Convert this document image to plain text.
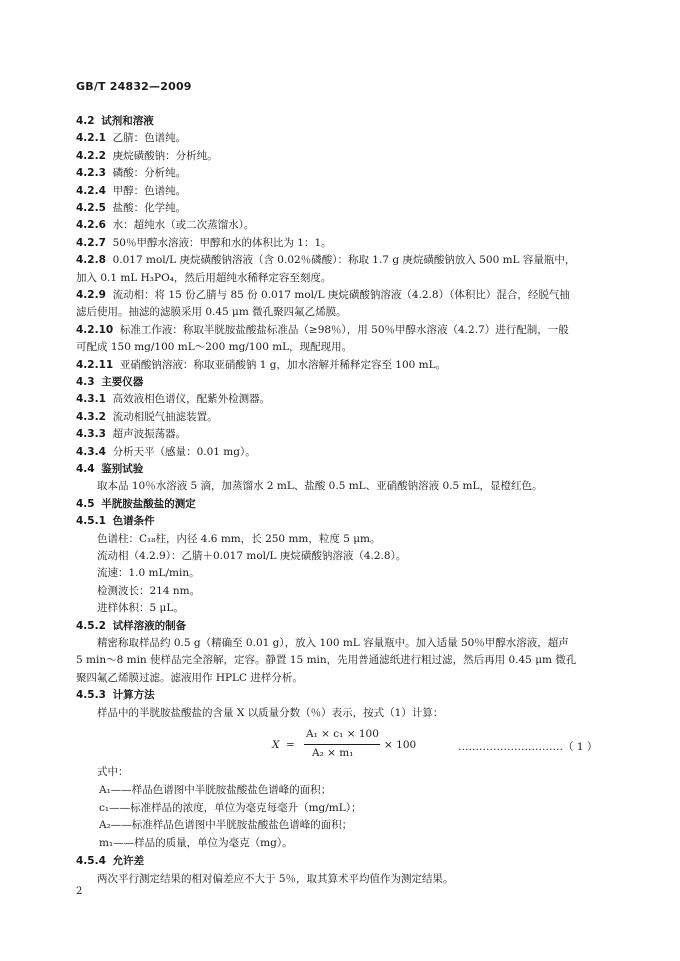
GB/T 24832—2009
4.2 试剂和溶液
4.2.1 乙腈：色谱纯。
4.2.2 庚烷磺酸钠：分析纯。
4.2.3 磷酸：分析纯。
4.2.4 甲醇：色谱纯。
4.2.5 盐酸：化学纯。
4.2.6 水：超纯水（或二次蒸馏水）。
4.2.7 50％甲醇水溶液：甲醇和水的体积比为 1：1。
4.2.8 0.017 mol/L 庚烷磺酸钠溶液（含 0.02％磷酸）：称取 1.7 g 庚烷磺酸钠放入 500 mL 容量瓶中，
加入 0.1 mL H₃PO₄，然后用超纯水稀释定容至刻度。
4.2.9 流动相：将 15 份乙腈与 85 份 0.017 mol/L 庚烷磺酸钠溶液（4.2.8）（体积比）混合，经脱气抽
滤后使用。抽滤的滤膜采用 0.45 μm 微孔聚四氟乙烯膜。
4.2.10 标准工作液：称取半胱胺盐酸盐标准品（≥98％），用 50％甲醇水溶液（4.2.7）进行配制，一般
可配成 150 mg/100 mL～200 mg/100 mL，现配现用。
4.2.11 亚硝酸钠溶液：称取亚硝酸钠 1 g，加水溶解并稀释定容至 100 mL。
4.3 主要仪器
4.3.1 高效液相色谱仪，配紫外检测器。
4.3.2 流动相脱气抽滤装置。
4.3.3 超声波振荡器。
4.3.4 分析天平（感量：0.01 mg）。
4.4 鉴别试验
取本品 10％水溶液 5 滴，加蒸馏水 2 mL、盐酸 0.5 mL、亚硝酸钠溶液 0.5 mL，显橙红色。
4.5 半胱胺盐酸盐的测定
4.5.1 色谱条件
色谱柱：C₁₈柱，内径 4.6 mm，长 250 mm，粒度 5 μm。
流动相（4.2.9）：乙腈＋0.017 mol/L 庚烷磺酸钠溶液（4.2.8）。
流速：1.0 mL/min。
检测波长：214 nm。
进样体积：5 μL。
4.5.2 试样溶液的制备
精密称取样品约 0.5 g（精确至 0.01 g），放入 100 mL 容量瓶中。加入适量 50％甲醇水溶液，超声
5 min～8 min 使样品完全溶解，定容。静置 15 min，先用普通滤纸进行粗过滤，然后再用 0.45 μm 微孔
聚四氟乙烯膜过滤。滤液用作 HPLC 进样分析。
4.5.3 计算方法
样品中的半胱胺盐酸盐的含量 X 以质量分数（％）表示，按式（1）计算：
X =
A₁ × c₁ × 100
A₂ × m₁
× 100	…………………………（ 1 ）
式中：
A₁——样品色谱图中半胱胺盐酸盐色谱峰的面积；
c₁——标准样品的浓度，单位为毫克每毫升（mg/mL）；
A₂——标准样品色谱图中半胱胺盐酸盐色谱峰的面积；
m₁——样品的质量，单位为毫克（mg）。
4.5.4 允许差
两次平行测定结果的相对偏差应不大于 5％，取其算术平均值作为测定结果。
2
